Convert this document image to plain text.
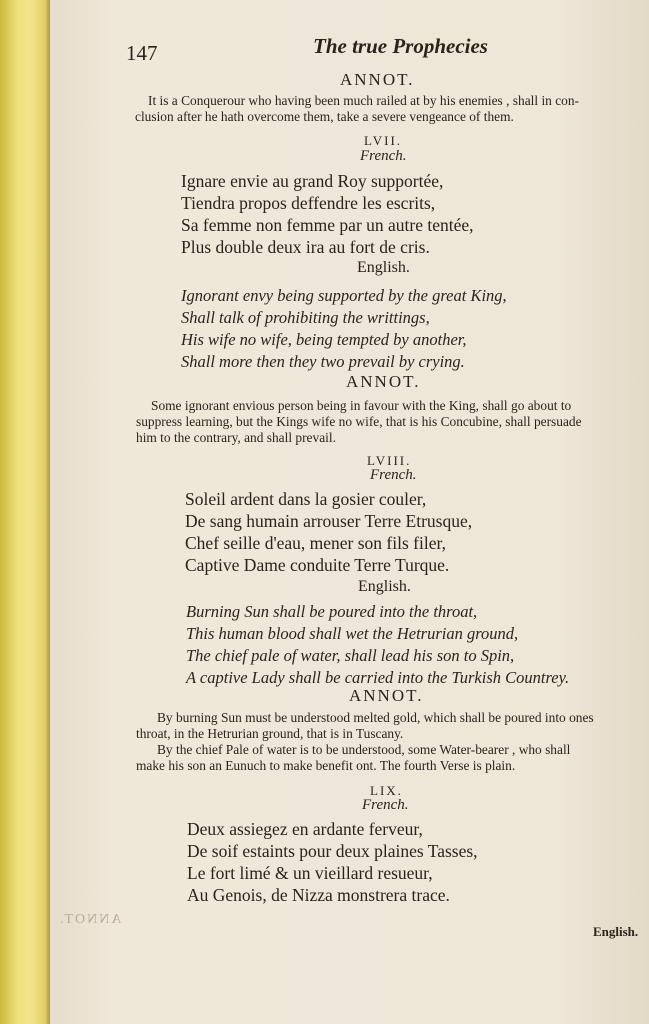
147	The true Prophecies
ANNOT.
It is a Conquerour who having been much railed at by his enemies , shall in con-
clusion after he hath overcome them, take a severe vengeance of them.
LVII.
French.
Ignare envie au grand Roy supportée,
Tiendra propos deffendre les escrits,
Sa femme non femme par un autre tentée,
Plus double deux ira au fort de cris.
English.
Ignorant envy being supported by the great King,
Shall talk of prohibiting the writtings,
His wife no wife, being tempted by another,
Shall more then they two prevail by crying.
ANNOT.
Some ignorant envious person being in favour with the King, shall go about to
suppress learning, but the Kings wife no wife, that is his Concubine, shall persuade
him to the contrary, and shall prevail.
LVIII.
French.
Soleil ardent dans la gosier couler,
De sang humain arrouser Terre Etrusque,
Chef seille d'eau, mener son fils filer,
Captive Dame conduite Terre Turque.
English.
Burning Sun shall be poured into the throat,
This human blood shall wet the Hetrurian ground,
The chief pale of water, shall lead his son to Spin,
A captive Lady shall be carried into the Turkish Countrey.
ANNOT.
By burning Sun must be understood melted gold, which shall be poured into ones
throat, in the Hetrurian ground, that is in Tuscany.
By the chief Pale of water is to be understood, some Water-bearer , who shall
make his son an Eunuch to make benefit ont. The fourth Verse is plain.
LIX.
French.
Deux assiegez en ardante ferveur,
De soif estaints pour deux plaines Tasses,
Le fort limé & un vieillard resueur,
Au Genois, de Nizza monstrera trace.
ANNOT.
English.
